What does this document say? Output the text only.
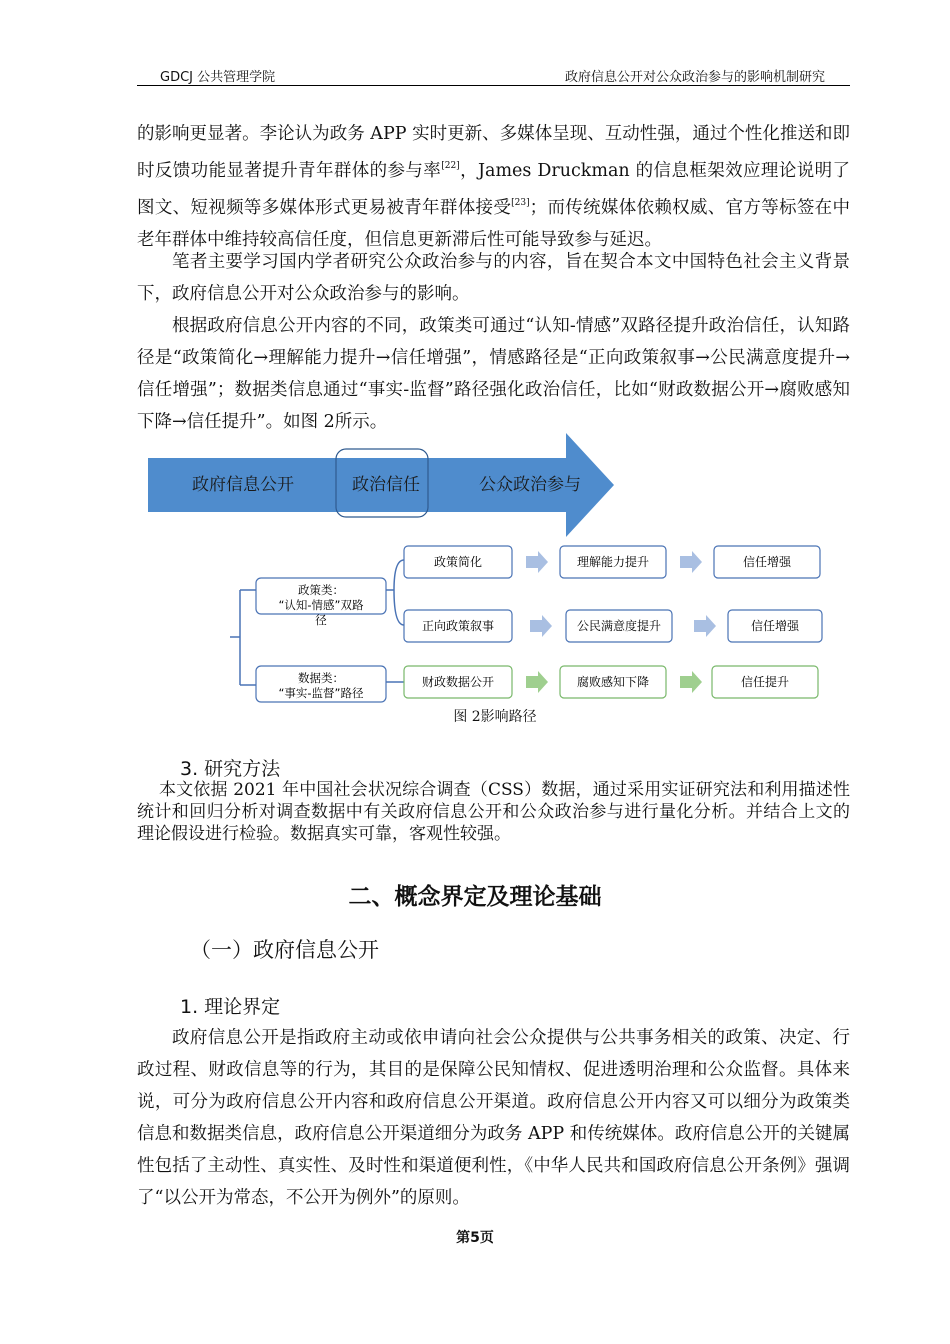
GDCJ 公共管理学院	政府信息公开对公众政治参与的影响机制研究
的影响更显著。李论认为政务 APP 实时更新、多媒体呈现、互动性强，通过个性化推送和即时反馈功能显著提升青年群体的参与率[22]，James Druckman 的信息框架效应理论说明了图文、短视频等多媒体形式更易被青年群体接受[23]；而传统媒体依赖权威、官方等标签在中老年群体中维持较高信任度，但信息更新滞后性可能导致参与延迟。
笔者主要学习国内学者研究公众政治参与的内容，旨在契合本文中国特色社会主义背景下，政府信息公开对公众政治参与的影响。
根据政府信息公开内容的不同，政策类可通过“认知-情感”双路径提升政治信任，认知路径是“政策简化→理解能力提升→信任增强”，情感路径是“正向政策叙事→公民满意度提升→信任增强”；数据类信息通过“事实-监督”路径强化政治信任，比如“财政数据公开→腐败感知下降→信任提升”。如图 2所示。
政府信息公开	政治信任	公众政治参与
政策类：
“认知-情感”双路
径
数据类：
“事实-监督”路径
政策简化	理解能力提升	信任增强
正向政策叙事	公民满意度提升	信任增强
财政数据公开	腐败感知下降	信任提升
图 2影响路径
3. 研究方法
本文依据 2021 年中国社会状况综合调查（CSS）数据，通过采用实证研究法和利用描述性统计和回归分析对调查数据中有关政府信息公开和公众政治参与进行量化分析。并结合上文的理论假设进行检验。数据真实可靠，客观性较强。
二、概念界定及理论基础
（一）政府信息公开
1. 理论界定
政府信息公开是指政府主动或依申请向社会公众提供与公共事务相关的政策、决定、行政过程、财政信息等的行为，其目的是保障公民知情权、促进透明治理和公众监督。具体来说，可分为政府信息公开内容和政府信息公开渠道。政府信息公开内容又可以细分为政策类信息和数据类信息，政府信息公开渠道细分为政务 APP 和传统媒体。政府信息公开的关键属性包括了主动性、真实性、及时性和渠道便利性，《中华人民共和国政府信息公开条例》强调了“以公开为常态，不公开为例外”的原则。
第5页
